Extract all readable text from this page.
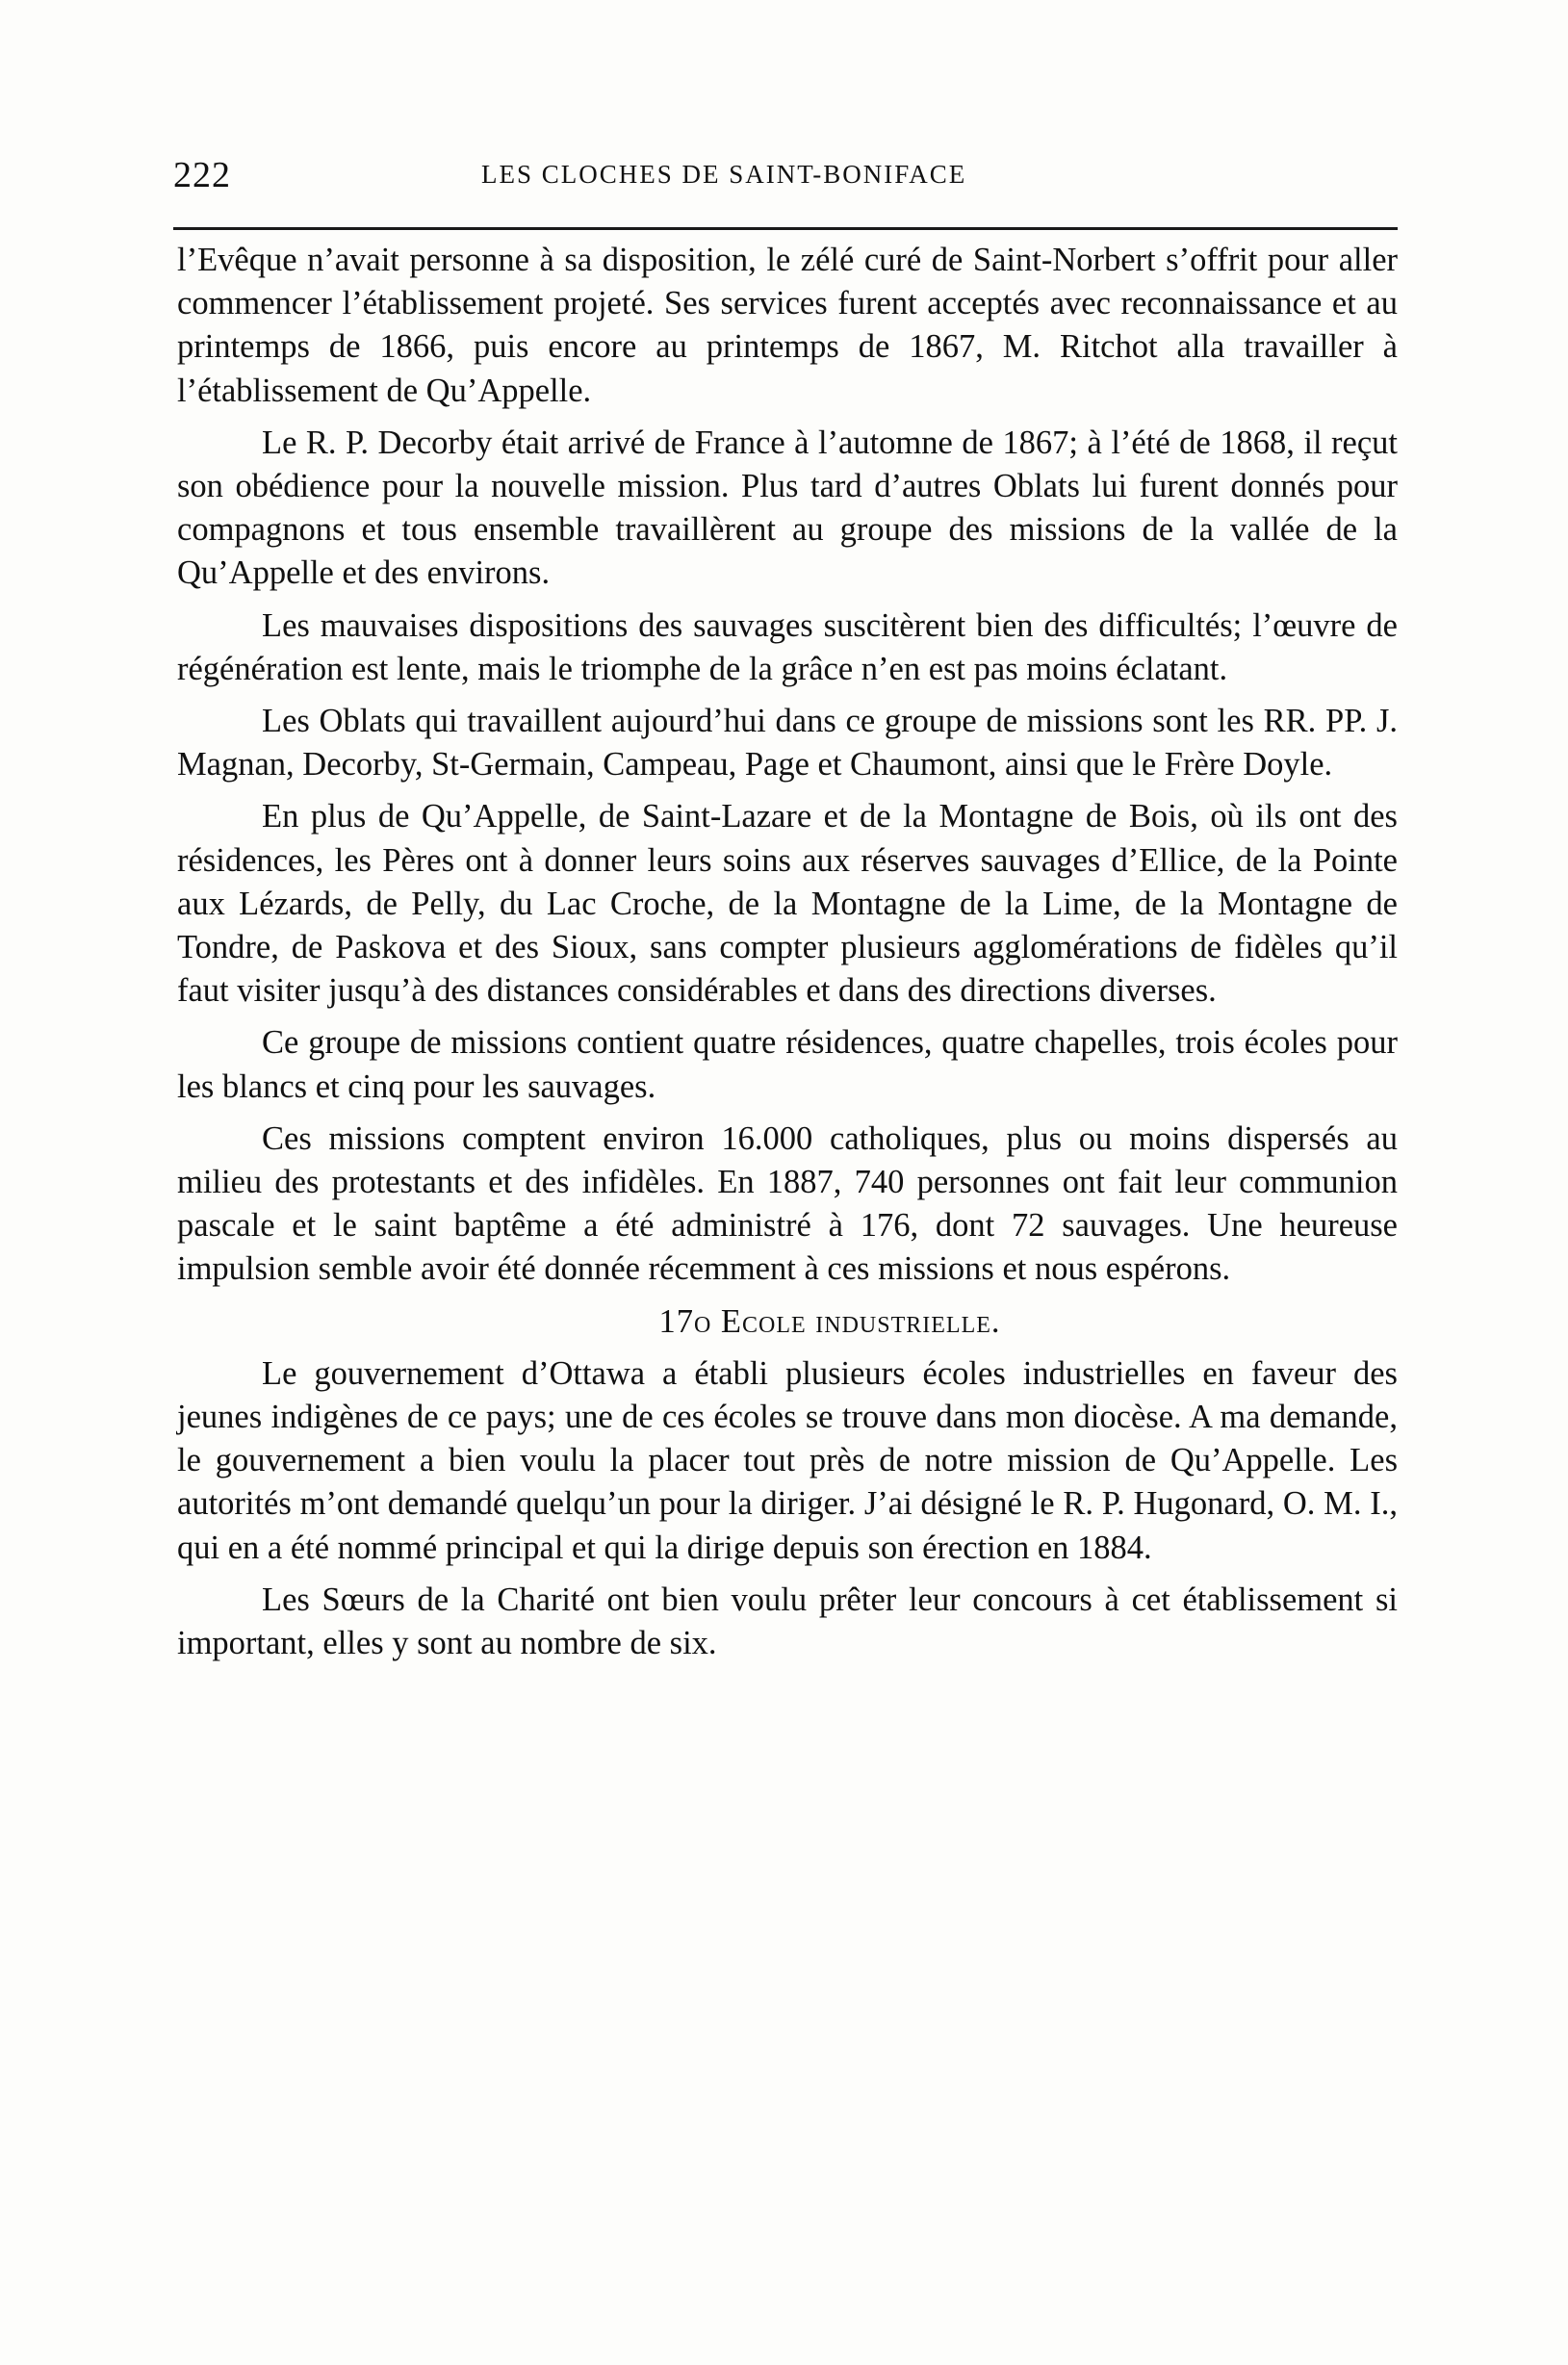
222	LES CLOCHES DE SAINT-BONIFACE

l’Evêque n’avait personne à sa disposition, le zélé curé de Saint-Norbert s’offrit pour aller commencer l’établissement projeté. Ses services furent acceptés avec reconnaissance et au printemps de 1866, puis encore au printemps de 1867, M. Ritchot alla travailler à l’établissement de Qu’Appelle.

Le R. P. Decorby était arrivé de France à l’automne de 1867; à l’été de 1868, il reçut son obédience pour la nouvelle mission. Plus tard d’autres Oblats lui furent donnés pour compagnons et tous ensemble travaillèrent au groupe des missions de la vallée de la Qu’Appelle et des environs.

Les mauvaises dispositions des sauvages suscitèrent bien des difficultés; l’œuvre de régénération est lente, mais le triomphe de la grâce n’en est pas moins éclatant.

Les Oblats qui travaillent aujourd’hui dans ce groupe de missions sont les RR. PP. J. Magnan, Decorby, St-Germain, Campeau, Page et Chaumont, ainsi que le Frère Doyle.

En plus de Qu’Appelle, de Saint-Lazare et de la Montagne de Bois, où ils ont des résidences, les Pères ont à donner leurs soins aux réserves sauvages d’Ellice, de la Pointe aux Lézards, de Pelly, du Lac Croche, de la Montagne de la Lime, de la Montagne de Tondre, de Paskova et des Sioux, sans compter plusieurs agglomérations de fidèles qu’il faut visiter jusqu’à des distances considérables et dans des directions diverses.

Ce groupe de missions contient quatre résidences, quatre chapelles, trois écoles pour les blancs et cinq pour les sauvages.

Ces missions comptent environ 16.000 catholiques, plus ou moins dispersés au milieu des protestants et des infidèles. En 1887, 740 personnes ont fait leur communion pascale et le saint baptême a été administré à 176, dont 72 sauvages. Une heureuse impulsion semble avoir été donnée récemment à ces missions et nous espérons.

17o Ecole industrielle.

Le gouvernement d’Ottawa a établi plusieurs écoles industrielles en faveur des jeunes indigènes de ce pays; une de ces écoles se trouve dans mon diocèse. A ma demande, le gouvernement a bien voulu la placer tout près de notre mission de Qu’Appelle. Les autorités m’ont demandé quelqu’un pour la diriger. J’ai désigné le R. P. Hugonard, O. M. I., qui en a été nommé principal et qui la dirige depuis son érection en 1884.

Les Sœurs de la Charité ont bien voulu prêter leur concours à cet établissement si important, elles y sont au nombre de six.
